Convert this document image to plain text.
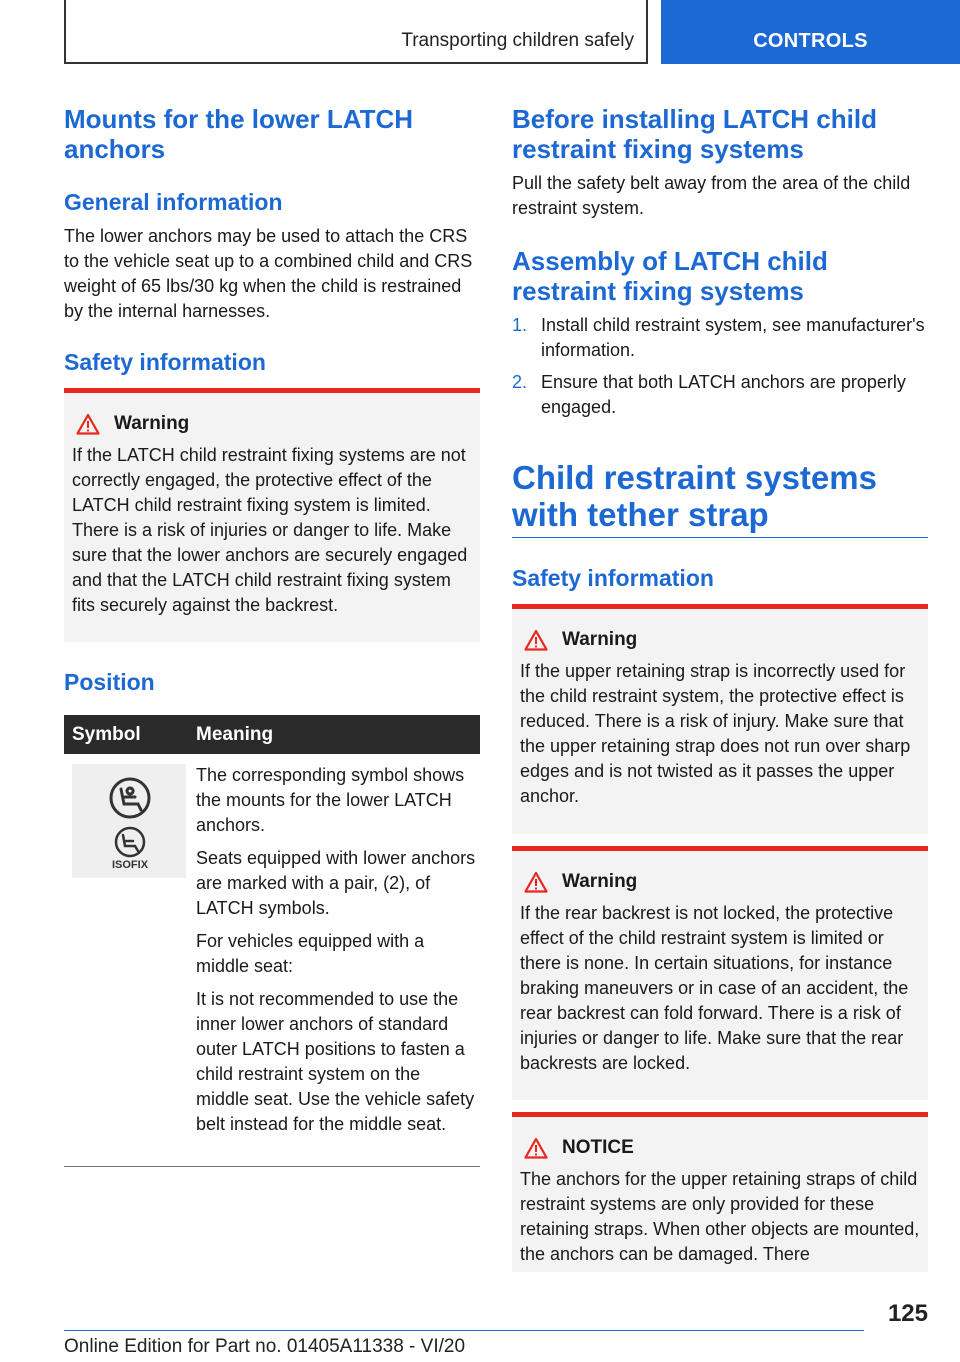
Transporting children safely	CONTROLS
Mounts for the lower LATCH anchors
General information

The lower anchors may be used to attach the CRS to the vehicle seat up to a combined child and CRS weight of 65 lbs/30 kg when the child is restrained by the internal harnesses.

Safety information
Warning
If the LATCH child restraint fixing systems are not correctly engaged, the protective effect of the LATCH child restraint fixing system is limited. There is a risk of injuries or danger to life. Make sure that the lower anchors are securely engaged and that the LATCH child restraint fixing system fits securely against the backrest.
Position
Symbol	Meaning
ISOFIX

The corresponding symbol shows the mounts for the lower LATCH anchors.

Seats equipped with lower anchors are marked with a pair, (2), of LATCH symbols.

For vehicles equipped with a middle seat:

It is not recommended to use the inner lower anchors of standard outer LATCH positions to fasten a child restraint system on the middle seat. Use the vehicle safety belt instead for the middle seat.

Before installing LATCH child restraint fixing systems

Pull the safety belt away from the area of the child restraint system.

Assembly of LATCH child restraint fixing systems
1. Install child restraint system, see manufacturer's information.
2. Ensure that both LATCH anchors are properly engaged.
Child restraint systems with tether strap
Safety information
Warning
If the upper retaining strap is incorrectly used for the child restraint system, the protective effect is reduced. There is a risk of injury. Make sure that the upper retaining strap does not run over sharp edges and is not twisted as it passes the upper anchor.
Warning
If the rear backrest is not locked, the protective effect of the child restraint system is limited or there is none. In certain situations, for instance braking maneuvers or in case of an accident, the rear backrest can fold forward. There is a risk of injuries or danger to life. Make sure that the rear backrests are locked.
NOTICE
The anchors for the upper retaining straps of child restraint systems are only provided for these retaining straps. When other objects are mounted, the anchors can be damaged. There
125
Online Edition for Part no. 01405A11338 - VI/20
